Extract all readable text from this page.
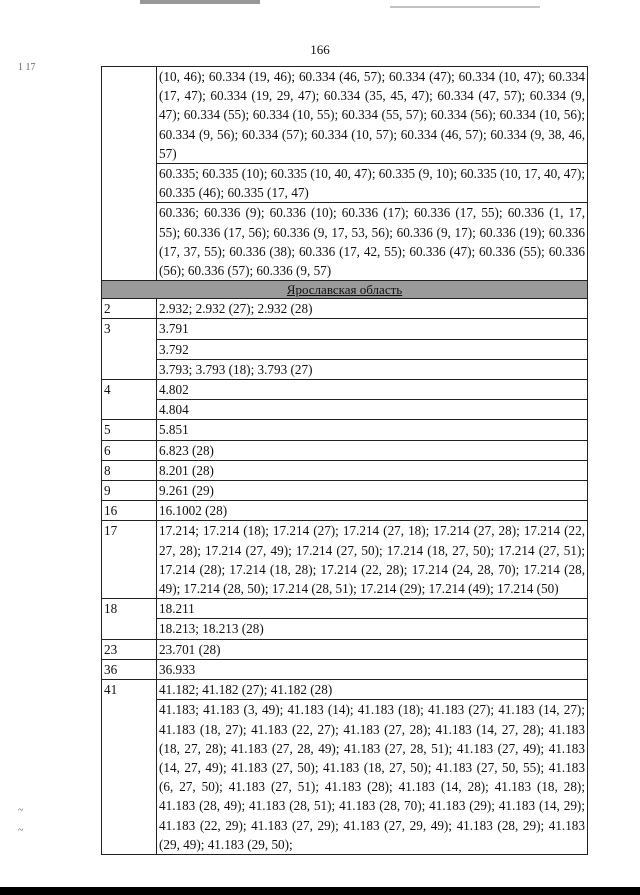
1 17
~
~
166
	(10, 46); 60.334 (19, 46); 60.334 (46, 57); 60.334 (47); 60.334 (10, 47); 60.334 (17, 47); 60.334 (19, 29, 47); 60.334 (35, 45, 47); 60.334 (47, 57); 60.334 (9, 47); 60.334 (55); 60.334 (10, 55); 60.334 (55, 57); 60.334 (56); 60.334 (10, 56); 60.334 (9, 56); 60.334 (57); 60.334 (10, 57); 60.334 (46, 57); 60.334 (9, 38, 46, 57)
	60.335; 60.335 (10); 60.335 (10, 40, 47); 60.335 (9, 10); 60.335 (10, 17, 40, 47); 60.335 (46); 60.335 (17, 47)
	60.336; 60.336 (9); 60.336 (10); 60.336 (17); 60.336 (17, 55); 60.336 (1, 17, 55); 60.336 (17, 56); 60.336 (9, 17, 53, 56); 60.336 (9, 17); 60.336 (19); 60.336 (17, 37, 55); 60.336 (38); 60.336 (17, 42, 55); 60.336 (47); 60.336 (55); 60.336 (56); 60.336 (57); 60.336 (9, 57)
Ярославская область	
2	2.932; 2.932 (27); 2.932 (28)
3	3.791
	3.792
	3.793; 3.793 (18); 3.793 (27)
4	4.802
	4.804
5	5.851
6	6.823 (28)
8	8.201 (28)
9	9.261 (29)
16	16.1002 (28)
17	17.214; 17.214 (18); 17.214 (27); 17.214 (27, 18); 17.214 (27, 28); 17.214 (22, 27, 28); 17.214 (27, 49); 17.214 (27, 50); 17.214 (18, 27, 50); 17.214 (27, 51); 17.214 (28); 17.214 (18, 28); 17.214 (22, 28); 17.214 (24, 28, 70); 17.214 (28, 49); 17.214 (28, 50); 17.214 (28, 51); 17.214 (29); 17.214 (49); 17.214 (50)
18	18.211
	18.213; 18.213 (28)
23	23.701 (28)
36	36.933
41	41.182; 41.182 (27); 41.182 (28)
	41.183; 41.183 (3, 49); 41.183 (14); 41.183 (18); 41.183 (27); 41.183 (14, 27); 41.183 (18, 27); 41.183 (22, 27); 41.183 (27, 28); 41.183 (14, 27, 28); 41.183 (18, 27, 28); 41.183 (27, 28, 49); 41.183 (27, 28, 51); 41.183 (27, 49); 41.183 (14, 27, 49); 41.183 (27, 50); 41.183 (18, 27, 50); 41.183 (27, 50, 55); 41.183 (6, 27, 50); 41.183 (27, 51); 41.183 (28); 41.183 (14, 28); 41.183 (18, 28); 41.183 (28, 49); 41.183 (28, 51); 41.183 (28, 70); 41.183 (29); 41.183 (14, 29); 41.183 (22, 29); 41.183 (27, 29); 41.183 (27, 29, 49); 41.183 (28, 29); 41.183 (29, 49); 41.183 (29, 50);
